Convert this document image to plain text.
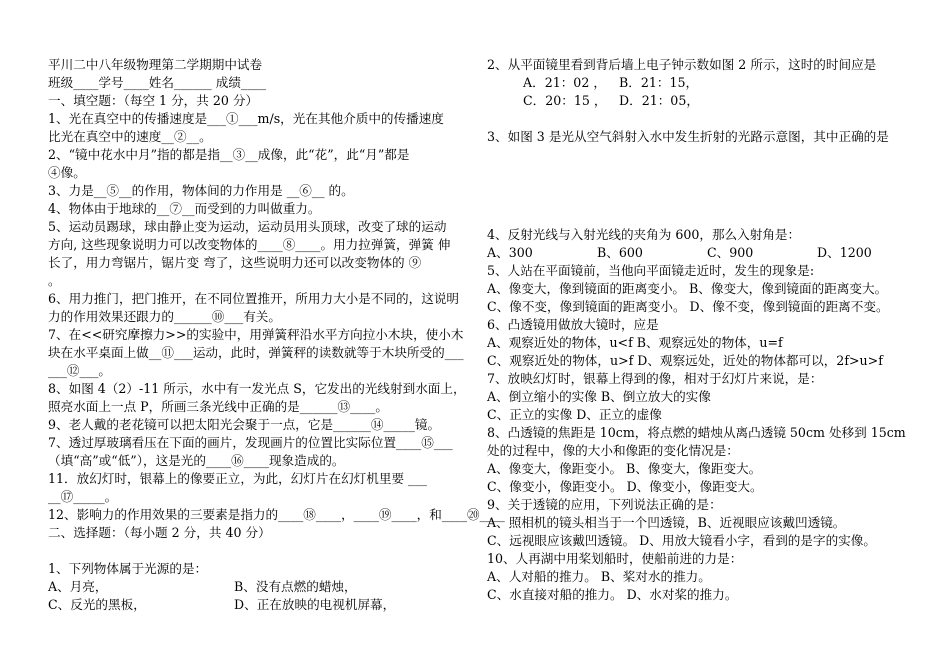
平川二中八年级物理第二学期期中试卷
班级____学号____姓名______ 成绩____
一、填空题：（每空 1 分，共 20 分）
1、光在真空中的传播速度是___①___m/s，光在其他介质中的传播速度
比光在真空中的速度__②__。
2、“镜中花水中月”指的都是指__③__成像，此“花”，此“月”都是
④像。
3、力是__⑤__的作用，物体间的力作用是 __⑥__ 的。
4、物体由于地球的__⑦__而受到的力叫做重力。
5、运动员踢球，球由静止变为运动，运动员用头顶球，改变了球的运动
方向, 这些现象说明力可以改变物体的____⑧____。用力拉弹簧，弹簧 伸
长了，用力弯锯片，锯片变 弯了，这些说明力还可以改变物体的 ⑨
。
6、用力推门，把门推开，在不同位置推开，所用力大小是不同的，这说明
力的作用效果还跟力的______⑩___有关。
7、在<<研究摩擦力>>的实验中，用弹簧秤沿水平方向拉小木块，使小木
块在水平桌面上做__⑪___运动，此时，弹簧秤的读数就等于木块所受的___
___⑫___。
8、如图 4（2）-11 所示，水中有一发光点 S，它发出的光线射到水面上，
照亮水面上一点 P，所画三条光线中正确的是______⑬____。
9、老人戴的老花镜可以把太阳光会聚于一点，它是______⑭_____镜。
7、透过厚玻璃看压在下面的画片，发现画片的位置比实际位置____⑮___
（填“高”或“低”），这是光的____⑯____现象造成的。
11．放幻灯时，银幕上的像要正立，为此，幻灯片在幻灯机里要 ___
__⑰_____。
12、影响力的作用效果的三要素是指力的____⑱____，____⑲____，和____⑳____
二、选择题：（每小题 2 分，共 40 分）
1、下列物体属于光源的是：
A、月亮，	B、没有点燃的蜡烛，
C、反光的黑板，	D、正在放映的电视机屏幕，
2、从平面镜里看到背后墙上电子钟示数如图 2 所示，这时的时间应是
A．21：02 ，	B．21：15，
C．20：15 ， D．21：05，
3、如图 3 是光从空气斜射入水中发生折射的光路示意图，其中正确的是
4、反射光线与入射光线的夹角为 600，那么入射角是：
A、300	B、600	C、900	D、1200
5、人站在平面镜前，当他向平面镜走近时，发生的现象是:
A、像变大，像到镜面的距离变小。 B、像变大，像到镜面的距离变大。
C、像不变，像到镜面的距离变小。 D、像不变，像到镜面的距离不变。
6、凸透镜用做放大镜时，应是
A、观察近处的物体，u<f B、观察远处的物体，u=f
C、观察近处的物体，u>f D、观察远处，近处的物体都可以，2f>u>f
7、放映幻灯时，银幕上得到的像，相对于幻灯片来说，是：
A、倒立缩小的实像 B、倒立放大的实像
C、正立的实像 D、正立的虚像
8、凸透镜的焦距是 10cm，将点燃的蜡烛从离凸透镜 50cm 处移到 15cm
处的过程中，像的大小和像距的变化情况是：
A、像变大，像距变小。 B、像变大，像距变大。
C、像变小，像距变小。 D、像变小，像距变大。
9、关于透镜的应用，下列说法正确的是：
A、照相机的镜头相当于一个凹透镜，B、近视眼应该戴凹透镜。
C、远视眼应该戴凹透镜。 D、用放大镜看小字，看到的是字的实像。
10、人再湖中用桨划船时，使船前进的力是：
A、人对船的推力。 B、桨对水的推力。
C、水直接对船的推力。 D、水对桨的推力。
